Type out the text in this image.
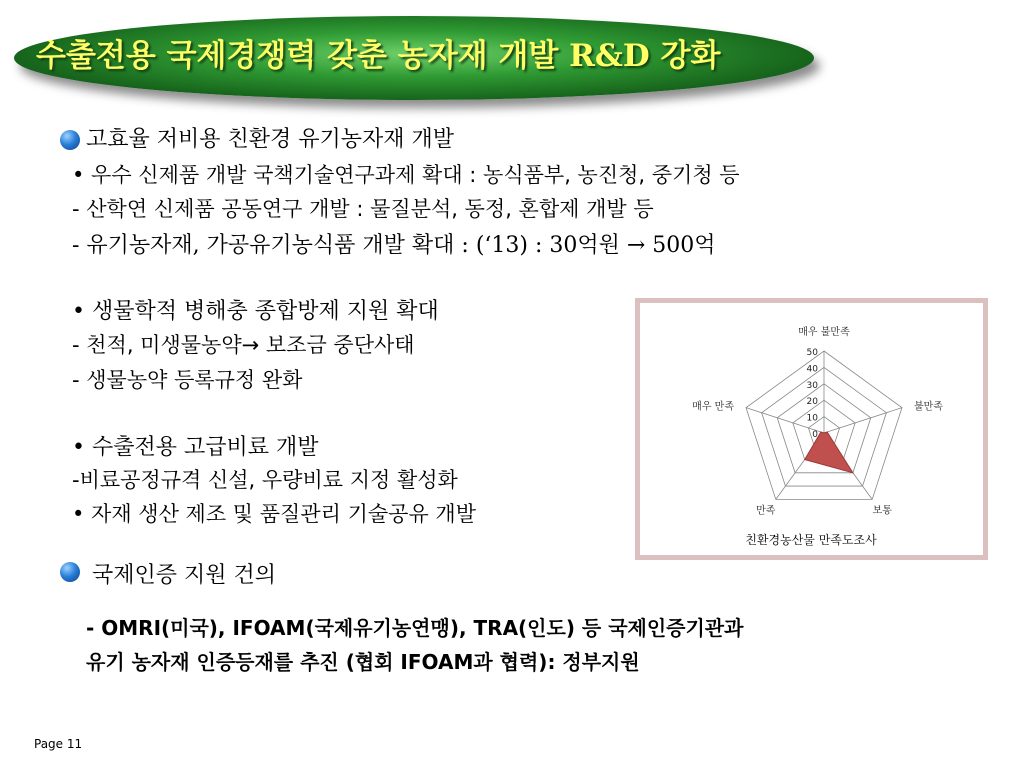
수출전용 국제경쟁력 갖춘 농자재 개발 R&D 강화
고효율 저비용 친환경 유기농자재 개발
• 우수 신제품 개발 국책기술연구과제 확대 : 농식품부, 농진청, 중기청 등
- 산학연 신제품 공동연구 개발 : 물질분석, 동정, 혼합제 개발 등
- 유기농자재, 가공유기농식품 개발 확대 : (‘13) : 30억원 → 500억
• 생물학적 병해충 종합방제 지원 확대
- 천적, 미생물농약→ 보조금 중단사태
- 생물농약 등록규정 완화
• 수출전용 고급비료 개발
-비료공정규격 신설, 우량비료 지정 활성화
• 자재 생산 제조 및 품질관리 기술공유 개발
국제인증 지원 건의
- OMRI(미국), IFOAM(국제유기농연맹), TRA(인도) 등 국제인증기관과
유기 농자재 인증등재를 추진 (협회 IFOAM과 협력): 정부지원
0
10
20
30
40
50
매우 불만족
불만족
보통
만족
매우 만족
친환경농산물 만족도조사
Page 11
